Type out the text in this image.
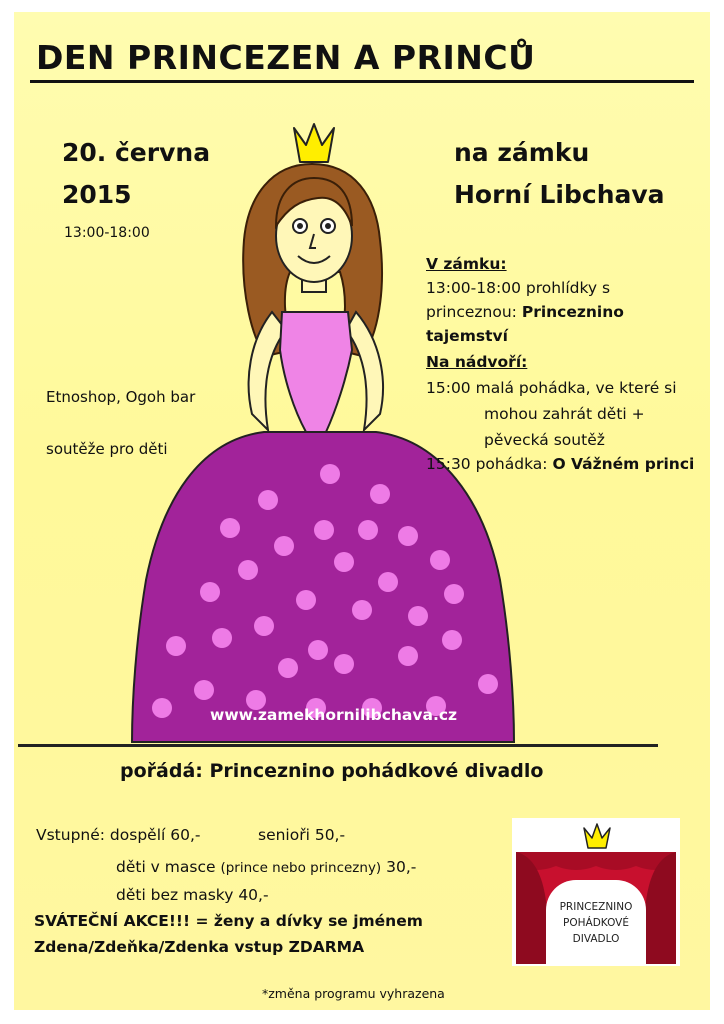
DEN PRINCEZEN A PRINCŮ
20. června
2015
13:00-18:00
Etnoshop, Ogoh bar
soutěže pro děti
na zámku
Horní Libchava
V zámku:
13:00-18:00 prohlídky s
princeznou: Princeznino
tajemství
Na nádvoří:
15:00 malá pohádka, ve které si
mohou zahrát děti +
pěvecká soutěž
15:30 pohádka: O Vážném princi
www.zamekhornilibchava.cz
pořádá: Princeznino pohádkové divadlo
Vstupné: dospělí 60,-	senioři 50,-
děti v masce (prince nebo princezny) 30,-
děti bez masky 40,-
SVÁTEČNÍ AKCE!!! = ženy a dívky se jménem
Zdena/Zdeňka/Zdenka vstup ZDARMA
*změna programu vyhrazena
PRINCEZNINO
POHÁDKOVÉ
DIVADLO
